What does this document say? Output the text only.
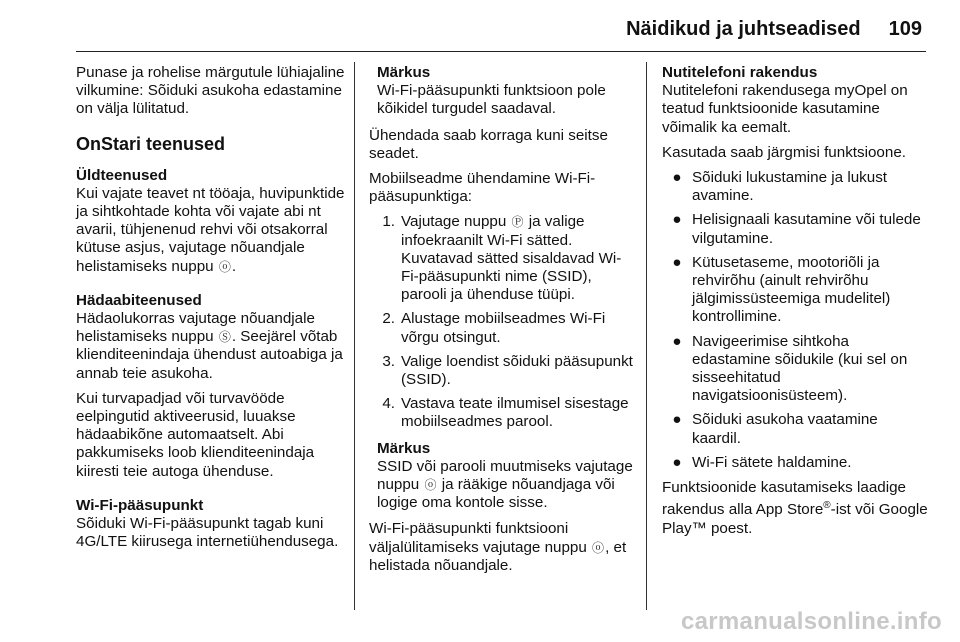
Näidikud ja juhtseadised 109

Punase ja rohelise märgutule lühiajaline vilkumine: Sõiduki asukoha edastamine on välja lülitatud.

OnStari teenused
Üldteenused

Kui vajate teavet nt tööaja, huvipunktide ja sihtkohtade kohta või vajate abi nt avarii, tühjenenud rehvi või otsakorral kütuse asjus, vajutage nõuandjale helistamiseks nuppu ⓞ.

Hädaabiteenused

Hädaolukorras vajutage nõuandjale helistamiseks nuppu Ⓢ. Seejärel võtab klienditeenindaja ühendust autoabiga ja annab teie asukoha.

Kui turvapadjad või turvavööde eelpingutid aktiveerusid, luuakse hädaabikõne automaatselt. Abi pakkumiseks loob klienditeenindaja kiiresti teie autoga ühenduse.

Wi-Fi-pääsupunkt

Sõiduki Wi-Fi-pääsupunkt tagab kuni 4G/LTE kiirusega internetiühendusega.

Märkus

Wi-Fi-pääsupunkti funktsioon pole kõikidel turgudel saadaval.

Ühendada saab korraga kuni seitse seadet.

Mobiilseadme ühendamine Wi-Fi-pääsupunktiga:

1. Vajutage nuppu Ⓟ ja valige infoekraanilt Wi-Fi sätted. Kuvatavad sätted sisaldavad Wi-Fi-pääsupunkti nime (SSID), parooli ja ühenduse tüüpi.
2. Alustage mobiilseadmes Wi-Fi võrgu otsingut.
3. Valige loendist sõiduki pääsupunkt (SSID).
4. Vastava teate ilmumisel sisestage mobiilseadmes parool.
Märkus

SSID või parooli muutmiseks vajutage nuppu ⓞ ja rääkige nõuandjaga või logige oma kontole sisse.

Wi-Fi-pääsupunkti funktsiooni väljalülitamiseks vajutage nuppu ⓞ, et helistada nõuandjale.

Nutitelefoni rakendus

Nutitelefoni rakendusega myOpel on teatud funktsioonide kasutamine võimalik ka eemalt.

Kasutada saab järgmisi funktsioone.

● Sõiduki lukustamine ja lukust avamine.
● Helisignaali kasutamine või tulede vilgutamine.
● Kütusetaseme, mootoriõli ja rehvirõhu (ainult rehvirõhu jälgimissüsteemiga mudelitel) kontrollimine.
● Navigeerimise sihtkoha edastamine sõidukile (kui sel on sisseehitatud navigatsioonisüsteem).
● Sõiduki asukoha vaatamine kaardil.
● Wi-Fi sätete haldamine.

Funktsioonide kasutamiseks laadige rakendus alla App Store®-ist või Google Play™ poest.

carmanualsonline.info
